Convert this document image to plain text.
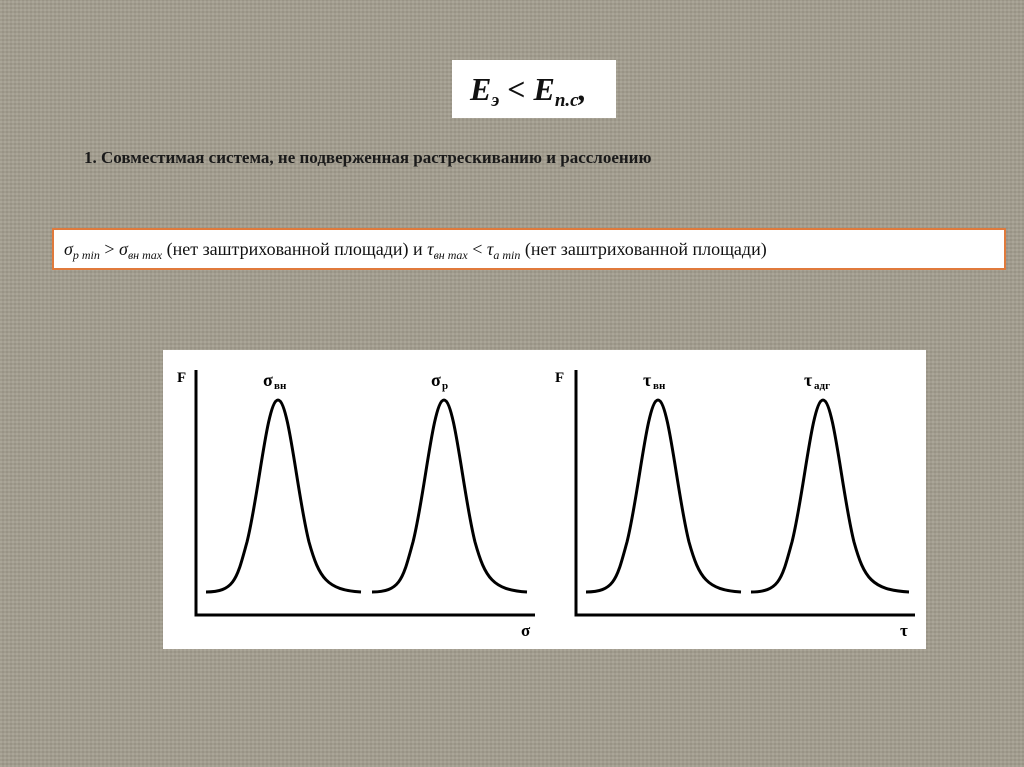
$E_э < E_{п.с}$,
1. Совместимая система, не подверженная растрескиванию и расслоению
$\sigma_{p min} > \sigma_{вн max}$ (нет заштрихованной площади) и $\tau_{вн max} < \tau_{a min}$ (нет заштрихованной площади)
F
σ
σ вн	σ р	F
τ
τ вн	τ адг
